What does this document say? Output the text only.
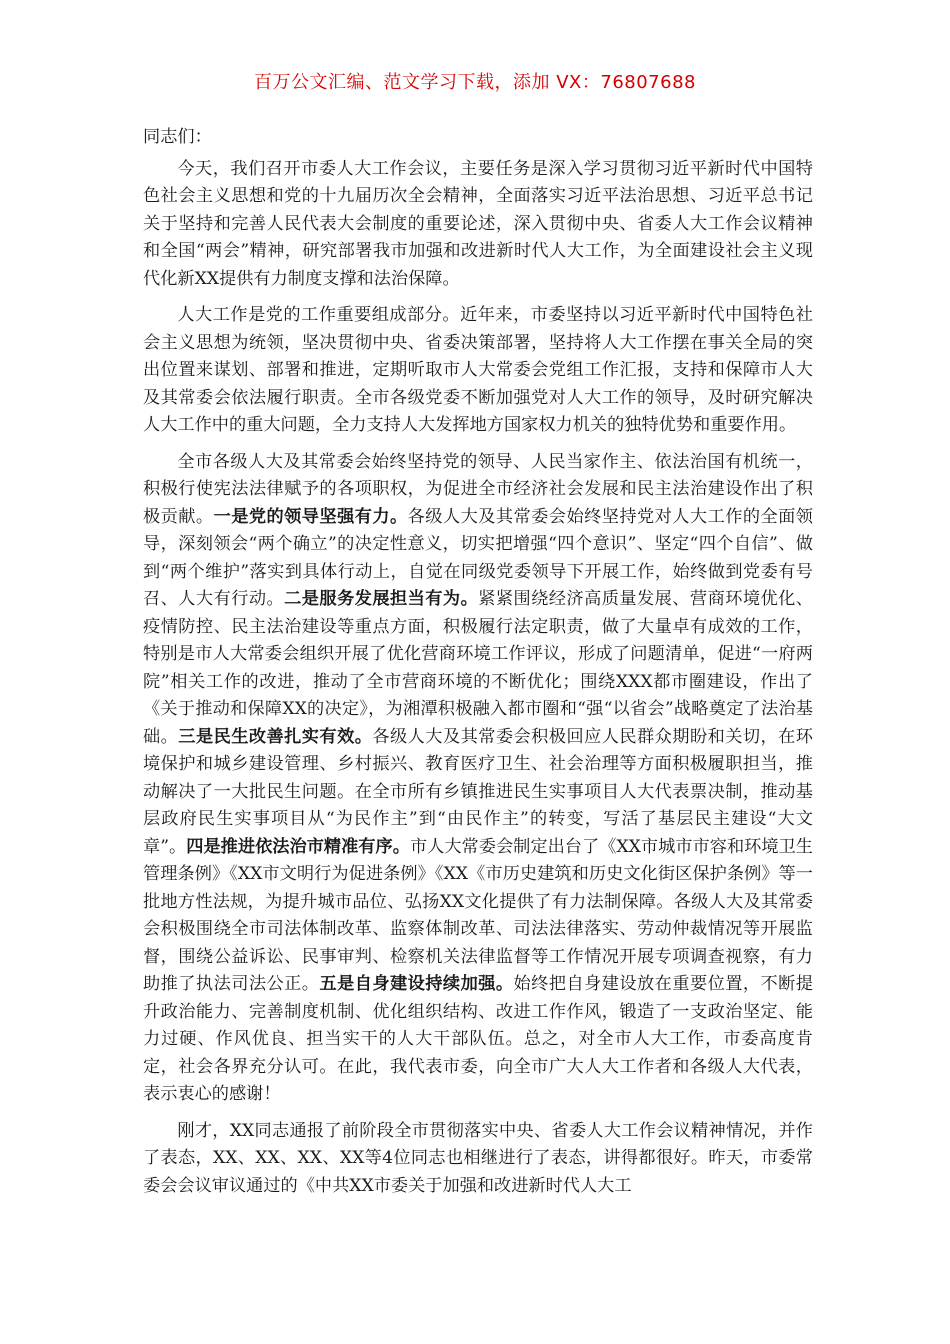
百万公文汇编、范文学习下载，添加 VX：76807688

同志们：

今天，我们召开市委人大工作会议，主要任务是深入学习贯彻习近平新时代中国特色社会主义思想和党的十九届历次全会精神，全面落实习近平法治思想、习近平总书记关于坚持和完善人民代表大会制度的重要论述，深入贯彻中央、省委人大工作会议精神和全国“两会”精神，研究部署我市加强和改进新时代人大工作，为全面建设社会主义现代化新XX提供有力制度支撑和法治保障。

人大工作是党的工作重要组成部分。近年来，市委坚持以习近平新时代中国特色社会主义思想为统领，坚决贯彻中央、省委决策部署，坚持将人大工作摆在事关全局的突出位置来谋划、部署和推进，定期听取市人大常委会党组工作汇报，支持和保障市人大及其常委会依法履行职责。全市各级党委不断加强党对人大工作的领导，及时研究解决人大工作中的重大问题，全力支持人大发挥地方国家权力机关的独特优势和重要作用。

全市各级人大及其常委会始终坚持党的领导、人民当家作主、依法治国有机统一，积极行使宪法法律赋予的各项职权，为促进全市经济社会发展和民主法治建设作出了积极贡献。一是党的领导坚强有力。各级人大及其常委会始终坚持党对人大工作的全面领导，深刻领会“两个确立”的决定性意义，切实把增强“四个意识”、坚定“四个自信”、做到“两个维护”落实到具体行动上，自觉在同级党委领导下开展工作，始终做到党委有号召、人大有行动。二是服务发展担当有为。紧紧围绕经济高质量发展、营商环境优化、疫情防控、民主法治建设等重点方面，积极履行法定职责，做了大量卓有成效的工作，特别是市人大常委会组织开展了优化营商环境工作评议，形成了问题清单，促进“一府两院”相关工作的改进，推动了全市营商环境的不断优化；围绕XXX都市圈建设，作出了《关于推动和保障XX的决定》，为湘潭积极融入都市圈和“强“以省会”战略奠定了法治基础。三是民生改善扎实有效。各级人大及其常委会积极回应人民群众期盼和关切，在环境保护和城乡建设管理、乡村振兴、教育医疗卫生、社会治理等方面积极履职担当，推动解决了一大批民生问题。在全市所有乡镇推进民生实事项目人大代表票决制，推动基层政府民生实事项目从“为民作主”到“由民作主”的转变，写活了基层民主建设“大文章”。四是推进依法治市精准有序。市人大常委会制定出台了《XX市城市市容和环境卫生管理条例》《XX市文明行为促进条例》《XX《市历史建筑和历史文化街区保护条例》等一批地方性法规，为提升城市品位、弘扬XX文化提供了有力法制保障。各级人大及其常委会积极围绕全市司法体制改革、监察体制改革、司法法律落实、劳动仲裁情况等开展监督，围绕公益诉讼、民事审判、检察机关法律监督等工作情况开展专项调查视察，有力助推了执法司法公正。五是自身建设持续加强。始终把自身建设放在重要位置，不断提升政治能力、完善制度机制、优化组织结构、改进工作作风，锻造了一支政治坚定、能力过硬、作风优良、担当实干的人大干部队伍。总之，对全市人大工作，市委高度肯定，社会各界充分认可。在此，我代表市委，向全市广大人大工作者和各级人大代表，表示衷心的感谢！

刚才，XX同志通报了前阶段全市贯彻落实中央、省委人大工作会议精神情况，并作了表态，XX、XX、XX、XX等4位同志也相继进行了表态，讲得都很好。昨天，市委常委会会议审议通过的《中共XX市委关于加强和改进新时代人大工
